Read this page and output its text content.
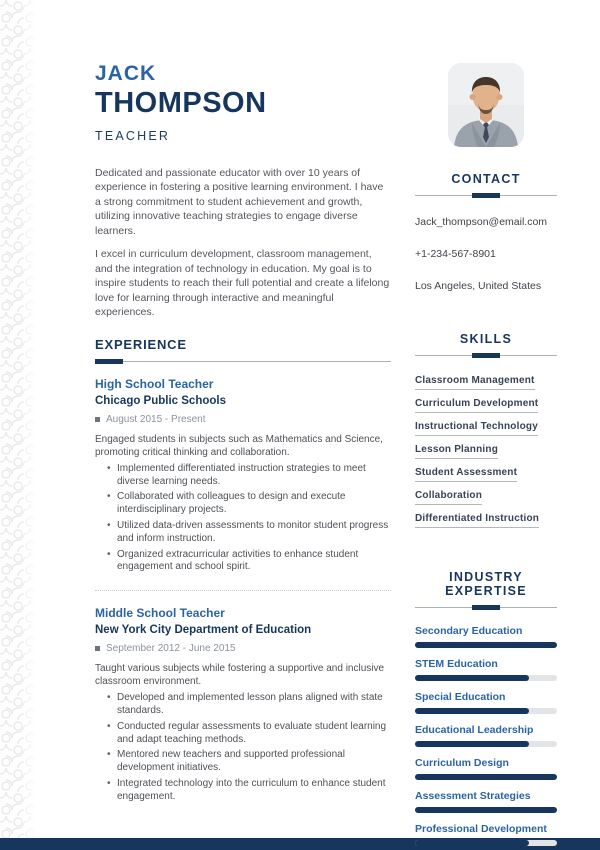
JACK
THOMPSON
TEACHER

Dedicated and passionate educator with over 10 years of experience in fostering a positive learning environment. I have a strong commitment to student achievement and growth, utilizing innovative teaching strategies to engage diverse learners.

I excel in curriculum development, classroom management, and the integration of technology in education. My goal is to inspire students to reach their full potential and create a lifelong love for learning through interactive and meaningful experiences.

EXPERIENCE
High School Teacher
Chicago Public Schools
August 2015 - Present

Engaged students in subjects such as Mathematics and Science, promoting critical thinking and collaboration.

• Implemented differentiated instruction strategies to meet diverse learning needs.
• Collaborated with colleagues to design and execute interdisciplinary projects.
• Utilized data-driven assessments to monitor student progress and inform instruction.
• Organized extracurricular activities to enhance student engagement and school spirit.
Middle School Teacher
New York City Department of Education
September 2012 - June 2015

Taught various subjects while fostering a supportive and inclusive classroom environment.

• Developed and implemented lesson plans aligned with state standards.
• Conducted regular assessments to evaluate student learning and adapt teaching methods.
• Mentored new teachers and supported professional development initiatives.
• Integrated technology into the curriculum to enhance student engagement.
CONTACT
Jack_thompson@email.com
+1-234-567-8901
Los Angeles, United States
SKILLS
Classroom Management
Curriculum Development
Instructional Technology
Lesson Planning
Student Assessment
Collaboration
Differentiated Instruction
INDUSTRY EXPERTISE
Secondary Education
STEM Education
Special Education
Educational Leadership
Curriculum Design
Assessment Strategies
Professional Development
